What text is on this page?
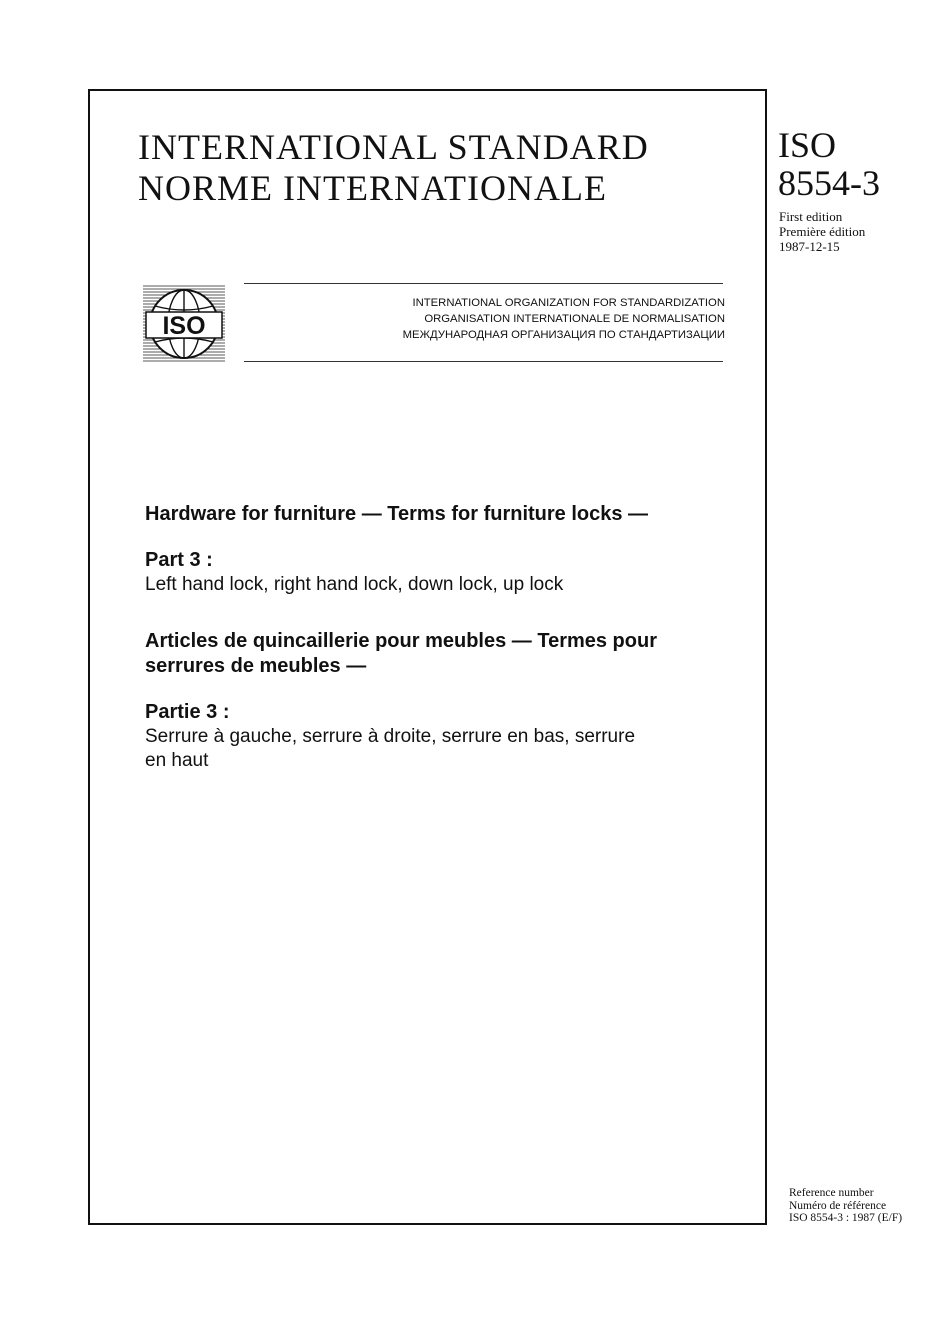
INTERNATIONAL STANDARD
NORME INTERNATIONALE
ISO
8554-3
First edition
Première édition
1987-12-15
ISO
INTERNATIONAL ORGANIZATION FOR STANDARDIZATION
ORGANISATION INTERNATIONALE DE NORMALISATION
МЕЖДУНАРОДНАЯ ОРГАНИЗАЦИЯ ПО СТАНДАРТИЗАЦИИ

Hardware for furniture — Terms for furniture locks —

Part 3 :

Left hand lock, right hand lock, down lock, up lock

Articles de quincaillerie pour meubles — Termes pour

serrures de meubles —

Partie 3 :

Serrure à gauche, serrure à droite, serrure en bas, serrure

en haut

Reference number
Numéro de référence
ISO 8554-3 : 1987 (E/F)
